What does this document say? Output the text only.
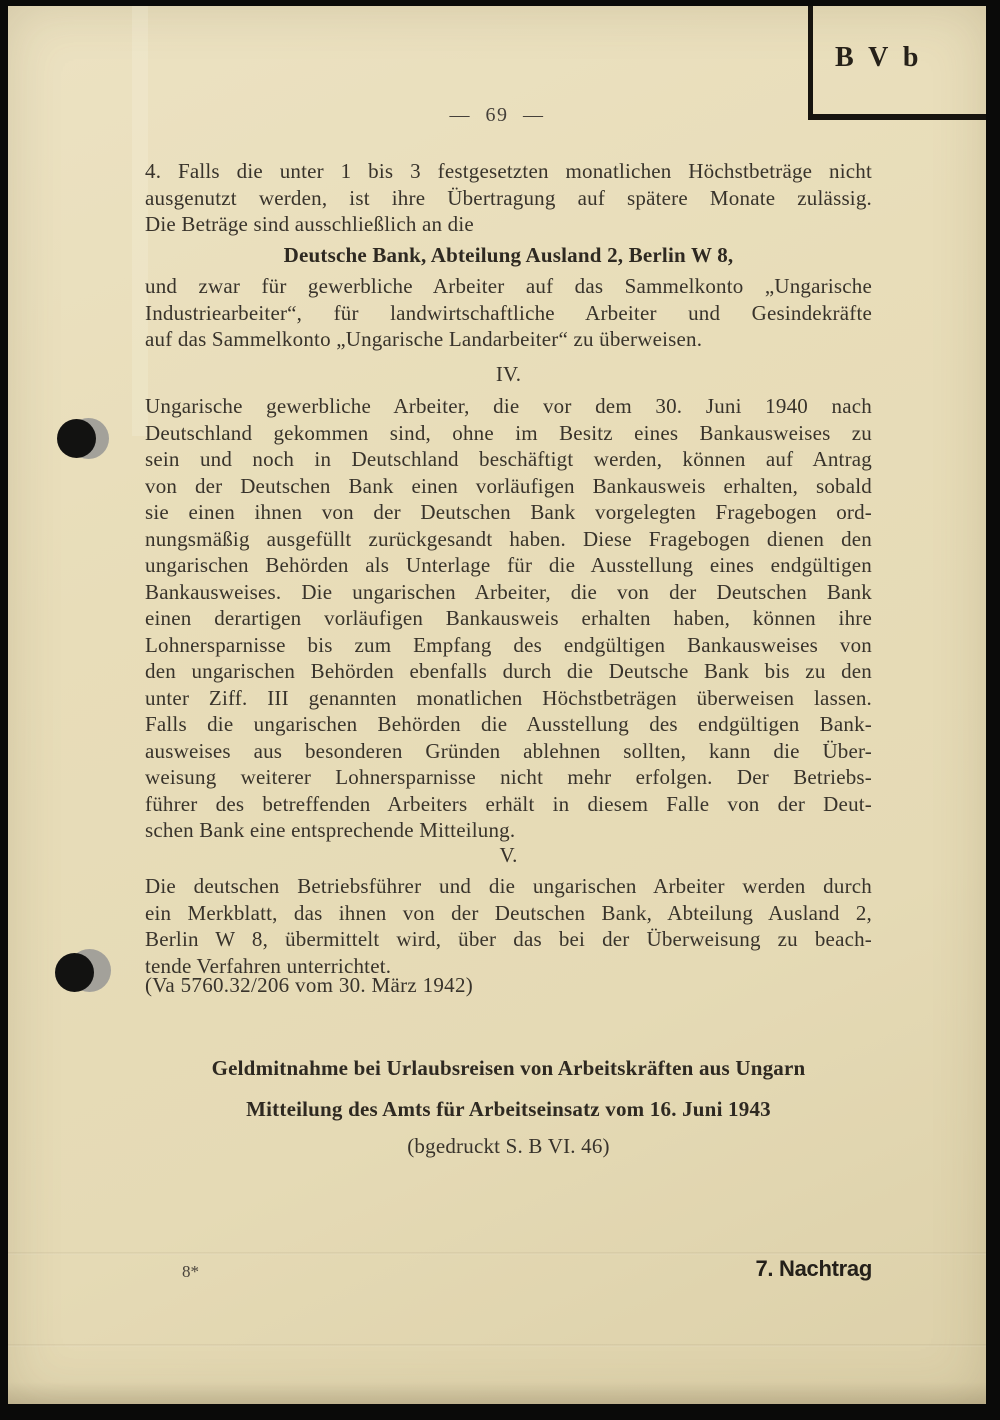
B V b
— 69 —
4. Falls die unter 1 bis 3 festgesetzten monatlichen Höchstbeträge nicht
ausgenutzt werden, ist ihre Übertragung auf spätere Monate zulässig.
Die Beträge sind ausschließlich an die
Deutsche Bank, Abteilung Ausland 2, Berlin W 8,
und zwar für gewerbliche Arbeiter auf das Sammelkonto „Ungarische
Industriearbeiter“, für landwirtschaftliche Arbeiter und Gesindekräfte
auf das Sammelkonto „Ungarische Landarbeiter“ zu überweisen.
IV.
Ungarische gewerbliche Arbeiter, die vor dem 30. Juni 1940 nach
Deutschland gekommen sind, ohne im Besitz eines Bankausweises zu
sein und noch in Deutschland beschäftigt werden, können auf Antrag
von der Deutschen Bank einen vorläufigen Bankausweis erhalten, sobald
sie einen ihnen von der Deutschen Bank vorgelegten Fragebogen ord-
nungsmäßig ausgefüllt zurückgesandt haben. Diese Fragebogen dienen den
ungarischen Behörden als Unterlage für die Ausstellung eines endgültigen
Bankausweises. Die ungarischen Arbeiter, die von der Deutschen Bank
einen derartigen vorläufigen Bankausweis erhalten haben, können ihre
Lohnersparnisse bis zum Empfang des endgültigen Bankausweises von
den ungarischen Behörden ebenfalls durch die Deutsche Bank bis zu den
unter Ziff. III genannten monatlichen Höchstbeträgen überweisen lassen.
Falls die ungarischen Behörden die Ausstellung des endgültigen Bank-
ausweises aus besonderen Gründen ablehnen sollten, kann die Über-
weisung weiterer Lohnersparnisse nicht mehr erfolgen. Der Betriebs-
führer des betreffenden Arbeiters erhält in diesem Falle von der Deut-
schen Bank eine entsprechende Mitteilung.
V.
Die deutschen Betriebsführer und die ungarischen Arbeiter werden durch
ein Merkblatt, das ihnen von der Deutschen Bank, Abteilung Ausland 2,
Berlin W 8, übermittelt wird, über das bei der Überweisung zu beach-
tende Verfahren unterrichtet.
(Va 5760.32/206 vom 30. März 1942)
Geldmitnahme bei Urlaubsreisen von Arbeitskräften aus Ungarn
Mitteilung des Amts für Arbeitseinsatz vom 16. Juni 1943
(bgedruckt S. B VI. 46)
8*	7. Nachtrag
